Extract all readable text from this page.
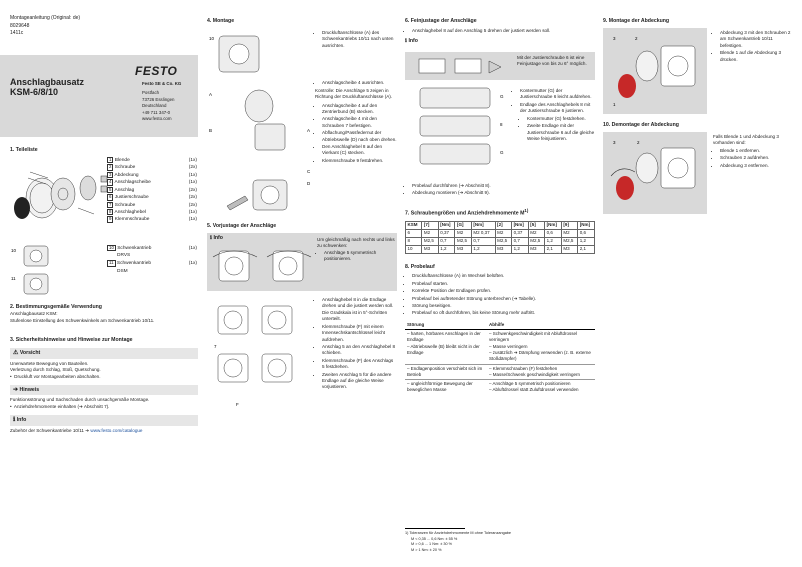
Montageanleitung (Original: de)
8029648
1411c
FESTO
Anschlagbausatz
KSM-6/8/10
Festo SE & Co. KG
Postfach
73726 Esslingen
Deutschland
+49 711 347-0
www.festo.com
1. Teileliste
1 Blende	(1x)
2 Schraube	(2x)
3 Abdeckung	(1x)
4 Anschlagscheibe	(1x)
5 Anschlag	(2x)
6 Justierschraube	(2x)
7 Schraube	(2x)
8 Anschlaghebel	(1x)
9 Klemmschraube	(1x)
10
11
10 Schwenkantrieb	(1x)
DRVS
11 Schwenkantrieb	(1x)
DSM
2. Bestimmungsgemäße Verwendung
Anschlagbausatz KSM:
Stufenlose Einstellung des Schwenkwinkels am Schwenkantrieb 10/11.
3. Sicherheitshinweise und Hinweise zur Montage
⚠ Vorsicht
Unerwartete Bewegung von Bauteilen.
Verletzung durch Schlag, Stoß, Quetschung.
•  Druckluft vor Montagearbeiten abschalten.
➔ Hinweis
Funktionsstörung und Sachschaden durch unsachgemäße Montage.
•  Anziehdrehmomente einhalten (➔ Abschnitt 7).
ℹ Info
Zubehör der Schwenkantriebe 10/11 ➔ www.festo.com/catalogue
4. Montage
10
A
B	A
C
D
• Druckluftanschlüsse (A) des Schwenkantriebs 10/11 nach unten ausrichten.
• Anschlagscheibe 4 ausrichten.
Kontrolle: Die Anschläge 5 zeigen in Richtung der Druckluftanschlüsse (A).
• Anschlagscheibe 4 auf den Zentrierbund (B) stecken.
• Anschlagscheibe 4 mit den Schrauben 7 befestigen.
• Abflachung/Passfedernut der Abtriebswelle (D) nach oben drehen.
• Den Anschlaghebel 8 auf den Vierkant (C) stecken.
• Klemmschraube 9 festdrehen.
5. Vorjustage der Anschläge
ℹ Info	Um gleichmäßig nach rechts und links zu schwenken:
• Anschläge 5 symmetrisch positionieren.
7
F
• Anschlaghebel 8 in die Endlage drehen und die justiert werden soll. Die Gradskala ist in 5°-Schritten unterteilt.
• Klemmschraube (F) mit einem Innensechskantschlüssel leicht aufdrehen.
• Anschlag 5 an den Anschlaghebel 8 schieben.
• Klemmschraube (F) des Anschlags 5 festdrehen.
• Zweiten Anschlag 5 für die andere Endlage auf die gleiche Weise vorjustieren.
6. Feinjustage der Anschläge
• Anschlaghebel 8 auf den Anschlag 5 drehen der justiert werden soll.
ℹ Info
Mit der Justierschraube 6 ist eine Feinjustage von bis zu 6° möglich.
G
8
G
• Kontermutter (G) der Justierschraube 6 leicht aufdrehen.
• Endlage des Anschlaghebels 8 mit der Justierschraube 6 justieren.
• Kontermutter (G) festdrehen.
• Zweite Endlage mit der Justierschraube 6 auf die gleiche Weise feinjustieren.
• Probelauf durchführen (➔ Abschnitt 8).
• Abdeckung montieren (➔ Abschnitt 9).
7. Schraubengrößen und Anziehdrehmomente $M^{1)}$
KSM	[7]	[Nm]	[G]	[Nm]	[2]	[Nm]	[5]	[Nm]	[9]	[Nm]
6	M2	0,37	M2	M2 0,37	M2	0,37	M2	0,6	M2	0,6
8	M2,5	0,7	M2,5	0,7	M2,5	0,7	M2,5	1,2	M2,5	1,2
10	M3	1,2	M3	1,2	M3	1,2	M3	2,1	M3	2,1
8. Probelauf
• Druckluftanschlüsse (A) im Wechsel belüften.
• Probelauf starten.
• Korrekte Position der Endlagen prüfen.
• Probelauf bei auftretender Störung unterbrechen (➔ Tabelle).
• Störung beseitigen.
• Probelauf so oft durchführen, bis keine Störung mehr auftritt.
Störung	Abhilfe
– harten, hörbares Anschlagen in der Endlage
– Abtriebswelle (B) bleibt nicht in der Endlage	– Schwenkgeschwindigkeit mit Abluftdrossel verringern
– Masse verringern
– zusätzlich ➔ Dämpfung verwenden (z. B. externe Stoßdämpfer)
– Endlagenposition verschiebt sich im Betrieb	– Klemmschrauben (F) festdrehen
– Masse/Schwenk geschwindigkeit verringern
– ungleichförmige Bewegung der beweglichen Masse	– Anschläge 5 symmetrisch positionieren
– Abluftdrossel statt Zuluftdrossel verwenden
1) Toleranzen für Anziehdrehmomente M ohne Toleranzangabe
M < 0,35 ... 0,6 Nm: ± 55 %
M > 0,6 ... 1 Nm: ± 30 %
M > 1 Nm: ± 20 %
9. Montage der Abdeckung
3	2
1
• Abdeckung 3 mit den Schrauben 2 am Schwenkantrieb 10/11 befestigen.
• Blende 1 auf die Abdeckung 3 drücken.
10. Demontage der Abdeckung
3	2
Falls Blende 1 und Abdeckung 3 vorhanden sind:
• Blende 1 entfernen.
• Schrauben 2 aufdrehen.
• Abdeckung 3 entfernen.
